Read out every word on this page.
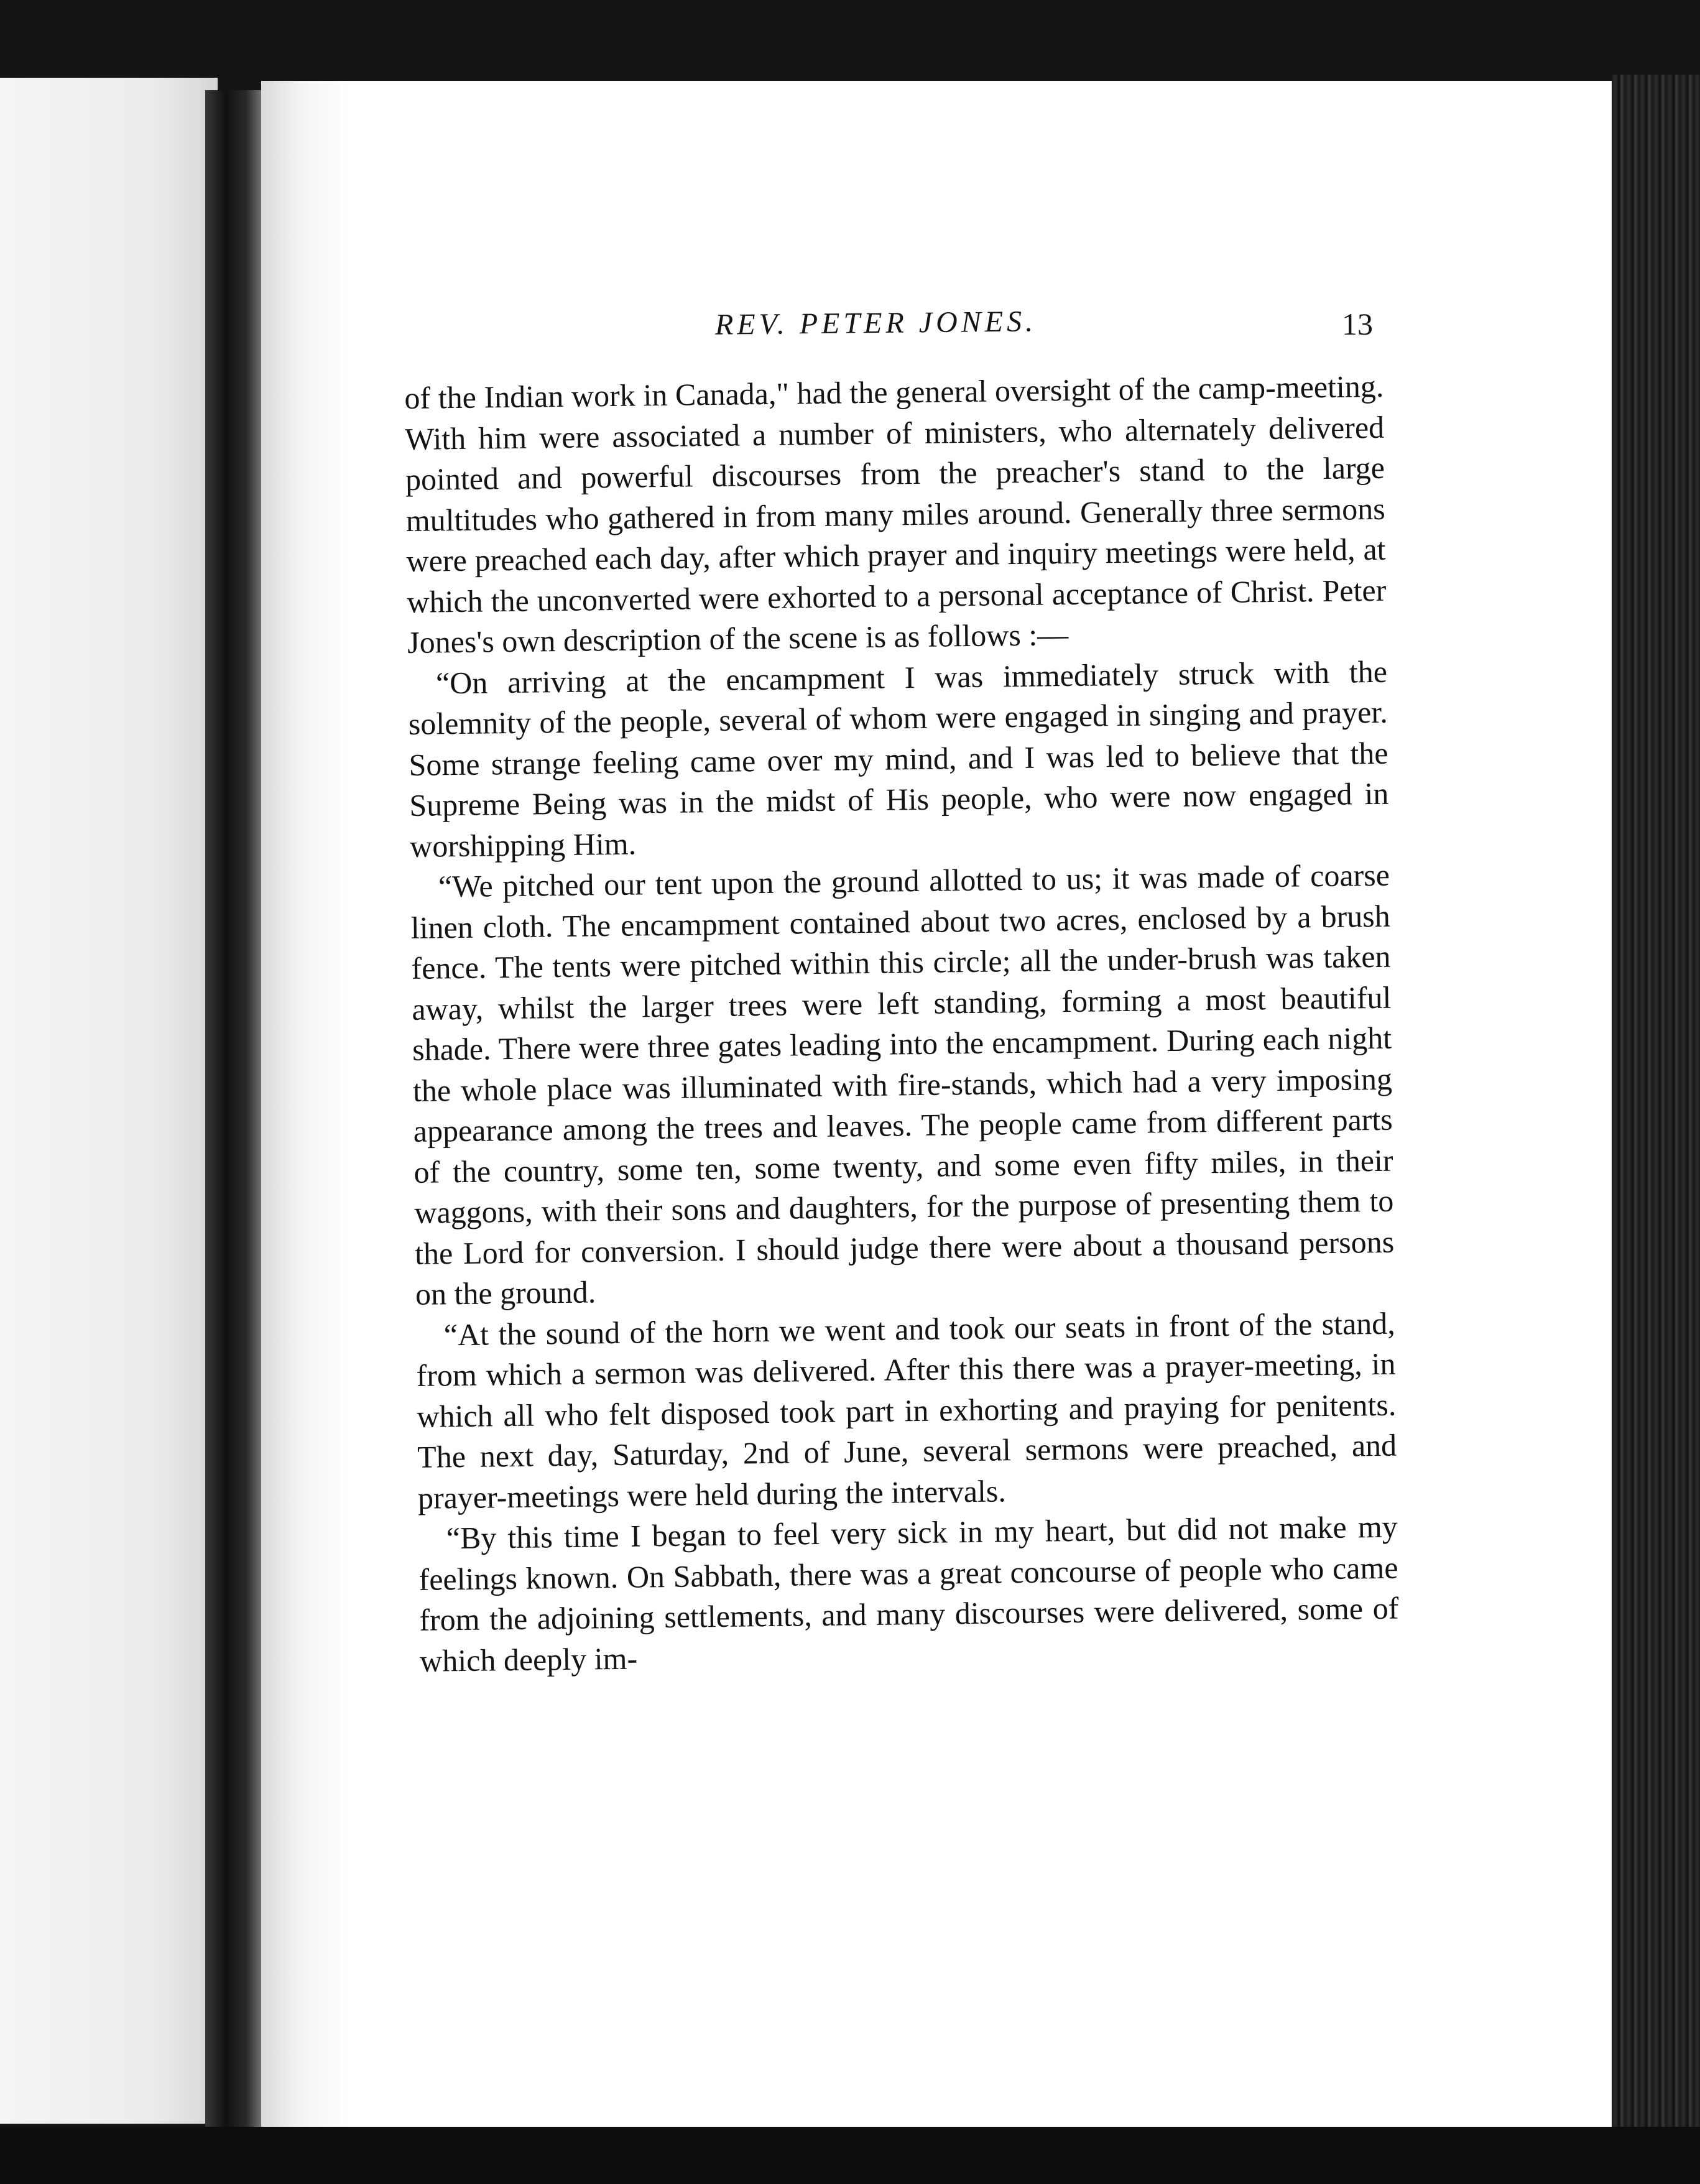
REV. PETER JONES.	13

of the Indian work in Canada," had the general oversight of the camp-meeting. With him were associated a number of ministers, who alternately delivered pointed and powerful discourses from the preacher's stand to the large multitudes who gathered in from many miles around. Generally three sermons were preached each day, after which prayer and inquiry meetings were held, at which the unconverted were exhorted to a personal acceptance of Christ. Peter Jones's own description of the scene is as follows :—

“On arriving at the encampment I was immediately struck with the solemnity of the people, several of whom were engaged in singing and prayer. Some strange feeling came over my mind, and I was led to believe that the Supreme Being was in the midst of His people, who were now engaged in worshipping Him.

“We pitched our tent upon the ground allotted to us; it was made of coarse linen cloth. The encampment contained about two acres, enclosed by a brush fence. The tents were pitched within this circle; all the under-brush was taken away, whilst the larger trees were left standing, forming a most beautiful shade. There were three gates leading into the encampment. During each night the whole place was illuminated with fire-stands, which had a very imposing appearance among the trees and leaves. The people came from different parts of the country, some ten, some twenty, and some even fifty miles, in their waggons, with their sons and daughters, for the purpose of presenting them to the Lord for conversion. I should judge there were about a thousand persons on the ground.

“At the sound of the horn we went and took our seats in front of the stand, from which a sermon was delivered. After this there was a prayer-meeting, in which all who felt disposed took part in exhorting and praying for penitents. The next day, Saturday, 2nd of June, several sermons were preached, and prayer-meetings were held during the intervals.

“By this time I began to feel very sick in my heart, but did not make my feelings known. On Sabbath, there was a great concourse of people who came from the adjoining settlements, and many discourses were delivered, some of which deeply im-
